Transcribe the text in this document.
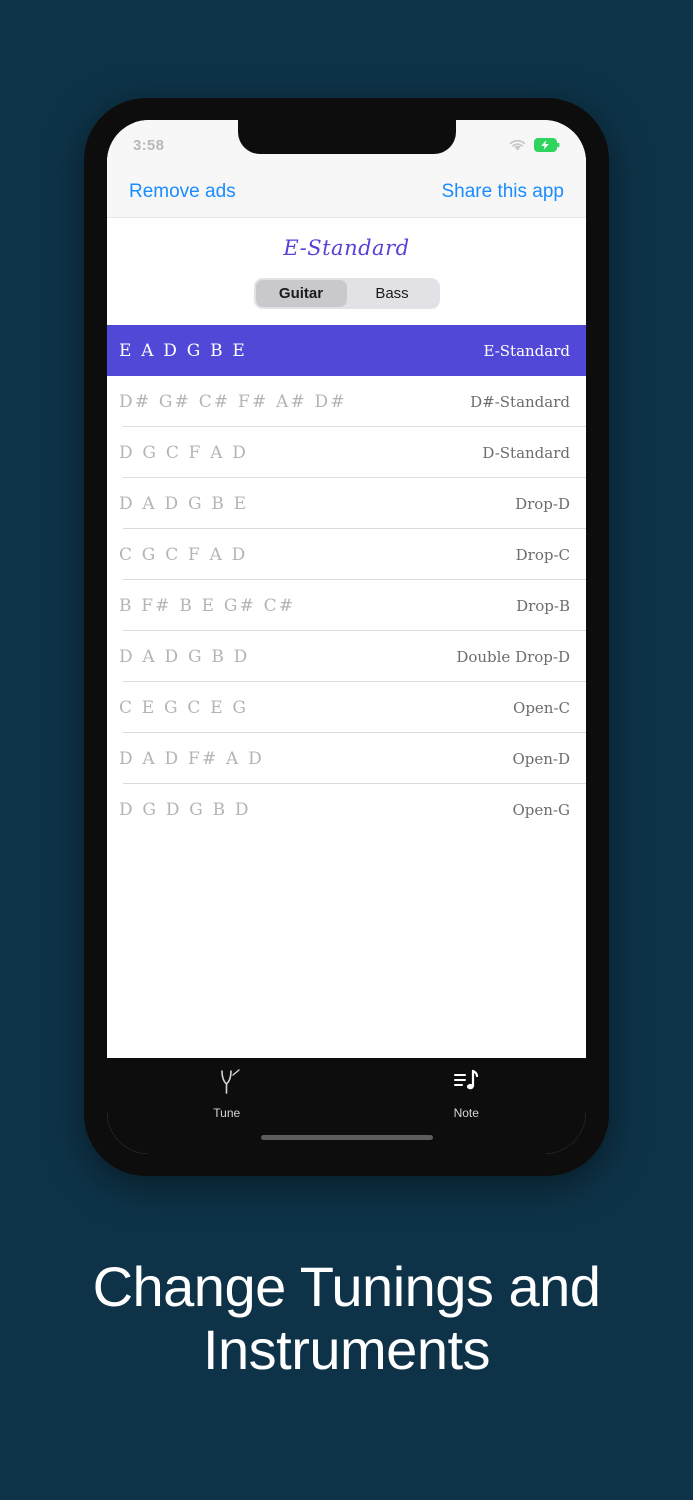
3:58
Remove ads	Share this app
E-Standard
Guitar	Bass
E A D G B E	E-Standard
D# G# C# F# A# D#	D#-Standard
D G C F A D	D-Standard
D A D G B E	Drop-D
C G C F A D	Drop-C
B F# B E G# C#	Drop-B
D A D G B D	Double Drop-D
C E G C E G	Open-C
D A D F# A D	Open-D
D G D G B D	Open-G
Tune	Note
Change Tunings and
Instruments
